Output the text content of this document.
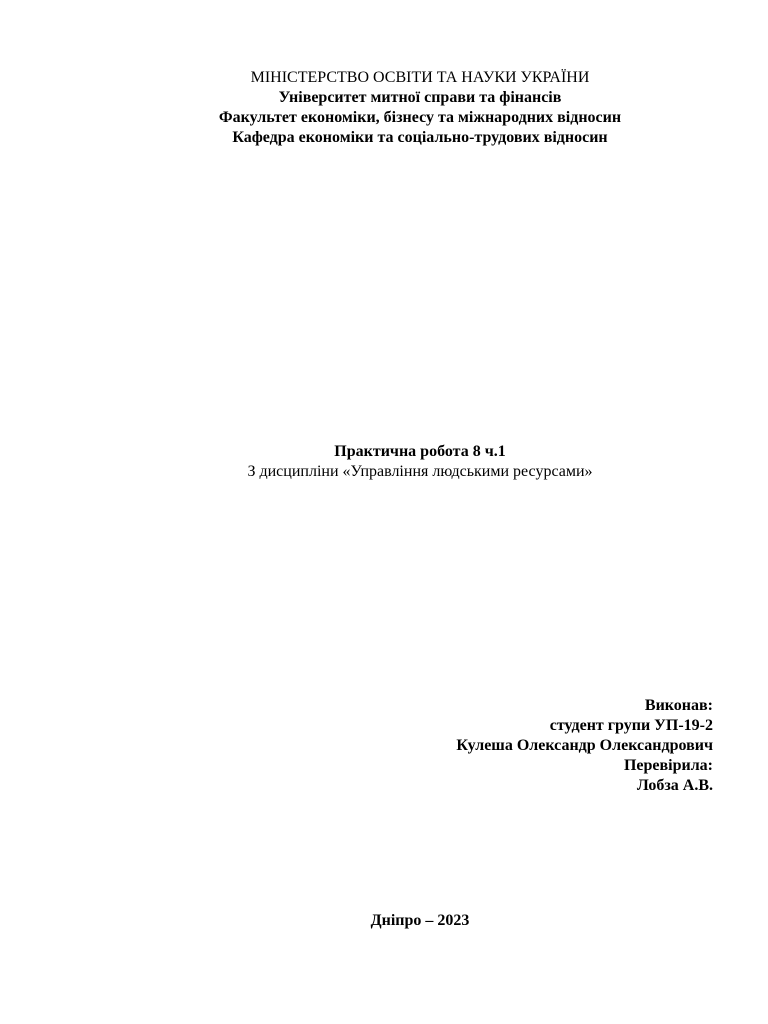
МІНІСТЕРСТВО ОСВІТИ ТА НАУКИ УКРАЇНИ
Університет митної справи та фінансів
Факультет економіки, бізнесу та міжнародних відносин
Кафедра економіки та соціально-трудових відносин
Практична робота 8 ч.1
З дисципліни «Управління людськими ресурсами»
Виконав:
студент групи УП-19-2
Кулеша Олександр Олександрович
Перевірила:
Лобза А.В.
Дніпро – 2023
